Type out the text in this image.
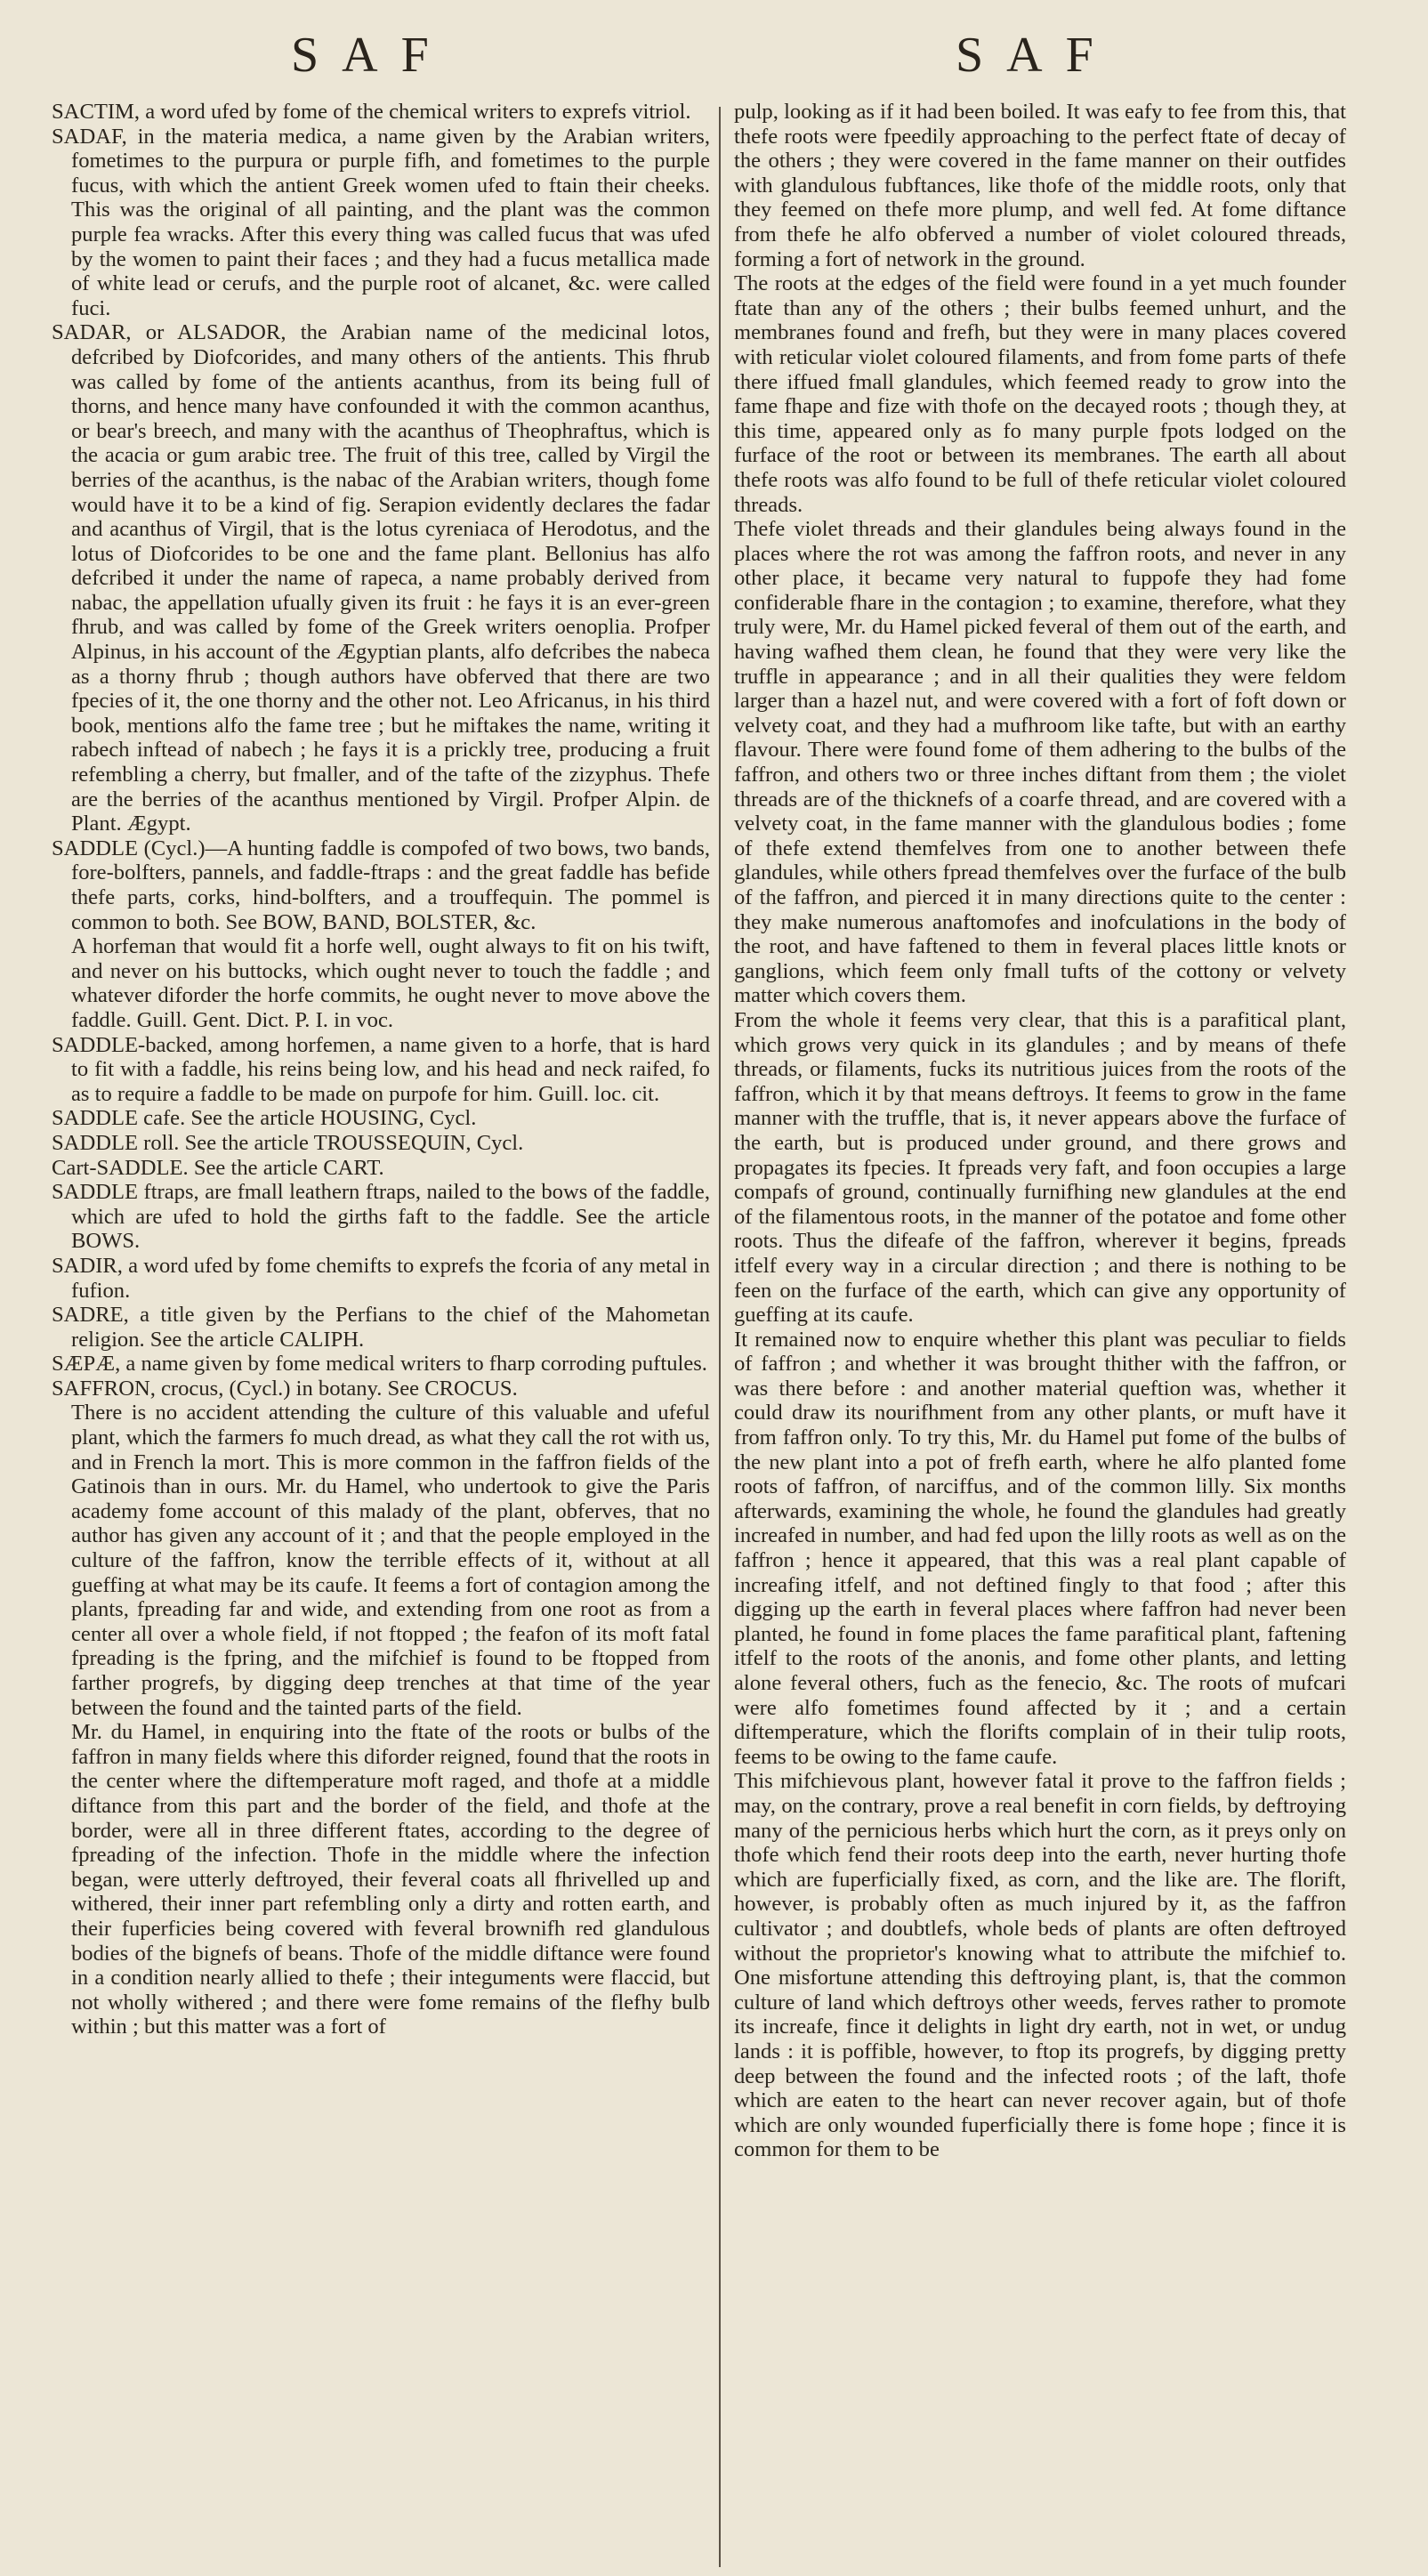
SAF	SAF

SACTIM, a word ufed by fome of the chemical writers to exprefs vitriol.

SADAF, in the materia medica, a name given by the Arabian writers, fometimes to the purpura or purple fifh, and fometimes to the purple fucus, with which the antient Greek women ufed to ftain their cheeks. This was the original of all painting, and the plant was the common purple fea wracks. After this every thing was called fucus that was ufed by the women to paint their faces ; and they had a fucus metallica made of white lead or cerufs, and the purple root of alcanet, &c. were called fuci.

SADAR, or ALSADOR, the Arabian name of the medicinal lotos, defcribed by Diofcorides, and many others of the antients. This fhrub was called by fome of the antients acanthus, from its being full of thorns, and hence many have confounded it with the common acanthus, or bear's breech, and many with the acanthus of Theophraftus, which is the acacia or gum arabic tree. The fruit of this tree, called by Virgil the berries of the acanthus, is the nabac of the Arabian writers, though fome would have it to be a kind of fig. Serapion evidently declares the fadar and acanthus of Virgil, that is the lotus cyreniaca of Herodotus, and the lotus of Diofcorides to be one and the fame plant. Bellonius has alfo defcribed it under the name of rapeca, a name probably derived from nabac, the appellation ufually given its fruit : he fays it is an ever-green fhrub, and was called by fome of the Greek writers oenoplia. Profper Alpinus, in his account of the Ægyptian plants, alfo defcribes the nabeca as a thorny fhrub ; though authors have obferved that there are two fpecies of it, the one thorny and the other not. Leo Africanus, in his third book, mentions alfo the fame tree ; but he miftakes the name, writing it rabech inftead of nabech ; he fays it is a prickly tree, producing a fruit refembling a cherry, but fmaller, and of the tafte of the zizyphus. Thefe are the berries of the acanthus mentioned by Virgil. Profper Alpin. de Plant. Ægypt.

SADDLE (Cycl.)—A hunting faddle is compofed of two bows, two bands, fore-bolfters, pannels, and faddle-ftraps : and the great faddle has befide thefe parts, corks, hind-bolfters, and a trouffequin. The pommel is common to both. See BOW, BAND, BOLSTER, &c.

A horfeman that would fit a horfe well, ought always to fit on his twift, and never on his buttocks, which ought never to touch the faddle ; and whatever diforder the horfe commits, he ought never to move above the faddle. Guill. Gent. Dict. P. I. in voc.

SADDLE-backed, among horfemen, a name given to a horfe, that is hard to fit with a faddle, his reins being low, and his head and neck raifed, fo as to require a faddle to be made on purpofe for him. Guill. loc. cit.

SADDLE cafe. See the article HOUSING, Cycl.

SADDLE roll. See the article TROUSSEQUIN, Cycl.

Cart-SADDLE. See the article CART.

SADDLE ftraps, are fmall leathern ftraps, nailed to the bows of the faddle, which are ufed to hold the girths faft to the faddle. See the article BOWS.

SADIR, a word ufed by fome chemifts to exprefs the fcoria of any metal in fufion.

SADRE, a title given by the Perfians to the chief of the Mahometan religion. See the article CALIPH.

SÆPÆ, a name given by fome medical writers to fharp corroding puftules.

SAFFRON, crocus, (Cycl.) in botany. See CROCUS.

There is no accident attending the culture of this valuable and ufeful plant, which the farmers fo much dread, as what they call the rot with us, and in French la mort. This is more common in the faffron fields of the Gatinois than in ours. Mr. du Hamel, who undertook to give the Paris academy fome account of this malady of the plant, obferves, that no author has given any account of it ; and that the people employed in the culture of the faffron, know the terrible effects of it, without at all gueffing at what may be its caufe. It feems a fort of contagion among the plants, fpreading far and wide, and extending from one root as from a center all over a whole field, if not ftopped ; the feafon of its moft fatal fpreading is the fpring, and the mifchief is found to be ftopped from farther progrefs, by digging deep trenches at that time of the year between the found and the tainted parts of the field.

Mr. du Hamel, in enquiring into the ftate of the roots or bulbs of the faffron in many fields where this diforder reigned, found that the roots in the center where the diftemperature moft raged, and thofe at a middle diftance from this part and the border of the field, and thofe at the border, were all in three different ftates, according to the degree of fpreading of the infection. Thofe in the middle where the infection began, were utterly deftroyed, their feveral coats all fhrivelled up and withered, their inner part refembling only a dirty and rotten earth, and their fuperficies being covered with feveral brownifh red glandulous bodies of the bignefs of beans. Thofe of the middle diftance were found in a condition nearly allied to thefe ; their integuments were flaccid, but not wholly withered ; and there were fome remains of the flefhy bulb within ; but this matter was a fort of

pulp, looking as if it had been boiled. It was eafy to fee from this, that thefe roots were fpeedily approaching to the perfect ftate of decay of the others ; they were covered in the fame manner on their outfides with glandulous fubftances, like thofe of the middle roots, only that they feemed on thefe more plump, and well fed. At fome diftance from thefe he alfo obferved a number of violet coloured threads, forming a fort of network in the ground.

The roots at the edges of the field were found in a yet much founder ftate than any of the others ; their bulbs feemed unhurt, and the membranes found and frefh, but they were in many places covered with reticular violet coloured filaments, and from fome parts of thefe there iffued fmall glandules, which feemed ready to grow into the fame fhape and fize with thofe on the decayed roots ; though they, at this time, appeared only as fo many purple fpots lodged on the furface of the root or between its membranes. The earth all about thefe roots was alfo found to be full of thefe reticular violet coloured threads.

Thefe violet threads and their glandules being always found in the places where the rot was among the faffron roots, and never in any other place, it became very natural to fuppofe they had fome confiderable fhare in the contagion ; to examine, therefore, what they truly were, Mr. du Hamel picked feveral of them out of the earth, and having wafhed them clean, he found that they were very like the truffle in appearance ; and in all their qualities they were feldom larger than a hazel nut, and were covered with a fort of foft down or velvety coat, and they had a mufhroom like tafte, but with an earthy flavour. There were found fome of them adhering to the bulbs of the faffron, and others two or three inches diftant from them ; the violet threads are of the thicknefs of a coarfe thread, and are covered with a velvety coat, in the fame manner with the glandulous bodies ; fome of thefe extend themfelves from one to another between thefe glandules, while others fpread themfelves over the furface of the bulb of the faffron, and pierced it in many directions quite to the center : they make numerous anaftomofes and inofculations in the body of the root, and have faftened to them in feveral places little knots or ganglions, which feem only fmall tufts of the cottony or velvety matter which covers them.

From the whole it feems very clear, that this is a parafitical plant, which grows very quick in its glandules ; and by means of thefe threads, or filaments, fucks its nutritious juices from the roots of the faffron, which it by that means deftroys. It feems to grow in the fame manner with the truffle, that is, it never appears above the furface of the earth, but is produced under ground, and there grows and propagates its fpecies. It fpreads very faft, and foon occupies a large compafs of ground, continually furnifhing new glandules at the end of the filamentous roots, in the manner of the potatoe and fome other roots. Thus the difeafe of the faffron, wherever it begins, fpreads itfelf every way in a circular direction ; and there is nothing to be feen on the furface of the earth, which can give any opportunity of gueffing at its caufe.

It remained now to enquire whether this plant was peculiar to fields of faffron ; and whether it was brought thither with the faffron, or was there before : and another material queftion was, whether it could draw its nourifhment from any other plants, or muft have it from faffron only. To try this, Mr. du Hamel put fome of the bulbs of the new plant into a pot of frefh earth, where he alfo planted fome roots of faffron, of narciffus, and of the common lilly. Six months afterwards, examining the whole, he found the glandules had greatly increafed in number, and had fed upon the lilly roots as well as on the faffron ; hence it appeared, that this was a real plant capable of increafing itfelf, and not deftined fingly to that food ; after this digging up the earth in feveral places where faffron had never been planted, he found in fome places the fame parafitical plant, faftening itfelf to the roots of the anonis, and fome other plants, and letting alone feveral others, fuch as the fenecio, &c. The roots of mufcari were alfo fometimes found affected by it ; and a certain diftemperature, which the florifts complain of in their tulip roots, feems to be owing to the fame caufe.

This mifchievous plant, however fatal it prove to the faffron fields ; may, on the contrary, prove a real benefit in corn fields, by deftroying many of the pernicious herbs which hurt the corn, as it preys only on thofe which fend their roots deep into the earth, never hurting thofe which are fuperficially fixed, as corn, and the like are. The florift, however, is probably often as much injured by it, as the faffron cultivator ; and doubtlefs, whole beds of plants are often deftroyed without the proprietor's knowing what to attribute the mifchief to. One misfortune attending this deftroying plant, is, that the common culture of land which deftroys other weeds, ferves rather to promote its increafe, fince it delights in light dry earth, not in wet, or undug lands : it is poffible, however, to ftop its progrefs, by digging pretty deep between the found and the infected roots ; of the laft, thofe which are eaten to the heart can never recover again, but of thofe which are only wounded fuperficially there is fome hope ; fince it is common for them to be
